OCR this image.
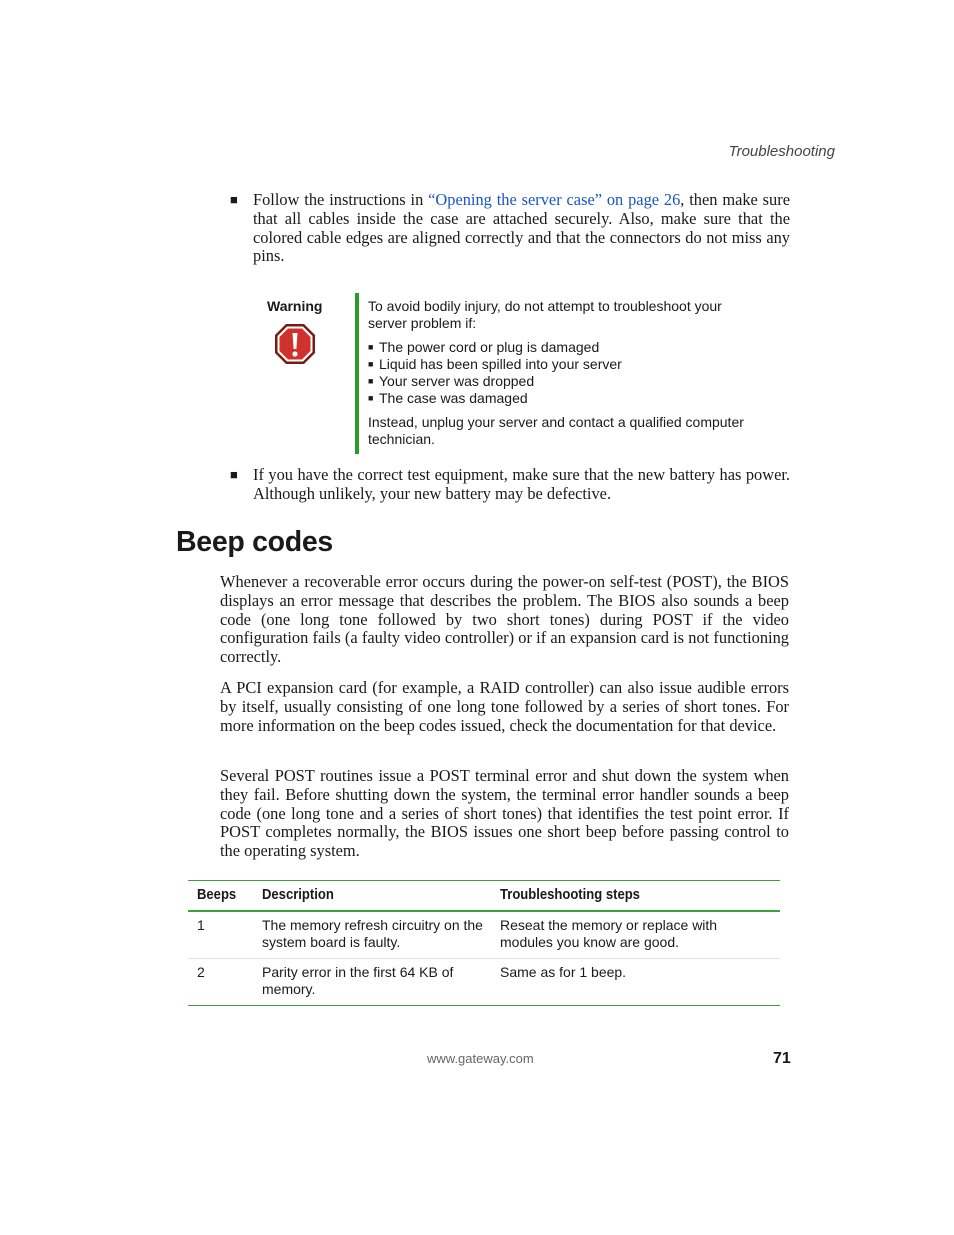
Troubleshooting
■ Follow the instructions in “Opening the server case” on page 26, then make sure that all cables inside the case are attached securely. Also, make sure that the colored cable edges are aligned correctly and that the connectors do not miss any pins.
Warning	To avoid bodily injury, do not attempt to troubleshoot your server problem if:

■ The power cord or plug is damaged
■ Liquid has been spilled into your server
■ Your server was dropped
■ The case was damaged

Instead, unplug your server and contact a qualified computer technician.

■ If you have the correct test equipment, make sure that the new battery has power. Although unlikely, your new battery may be defective.
Beep codes

Whenever a recoverable error occurs during the power-on self-test (POST), the BIOS displays an error message that describes the problem. The BIOS also sounds a beep code (one long tone followed by two short tones) during POST if the video configuration fails (a faulty video controller) or if an expansion card is not functioning correctly.

A PCI expansion card (for example, a RAID controller) can also issue audible errors by itself, usually consisting of one long tone followed by a series of short tones. For more information on the beep codes issued, check the documentation for that device.

Several POST routines issue a POST terminal error and shut down the system when they fail. Before shutting down the system, the terminal error handler sounds a beep code (one long tone and a series of short tones) that identifies the test point error. If POST completes normally, the BIOS issues one short beep before passing control to the operating system.

Beeps	Description	Troubleshooting steps
1	The memory refresh circuitry on the system board is faulty.	Reseat the memory or replace with modules you know are good.
2	Parity error in the first 64 KB of memory.	Same as for 1 beep.
www.gateway.com	71
